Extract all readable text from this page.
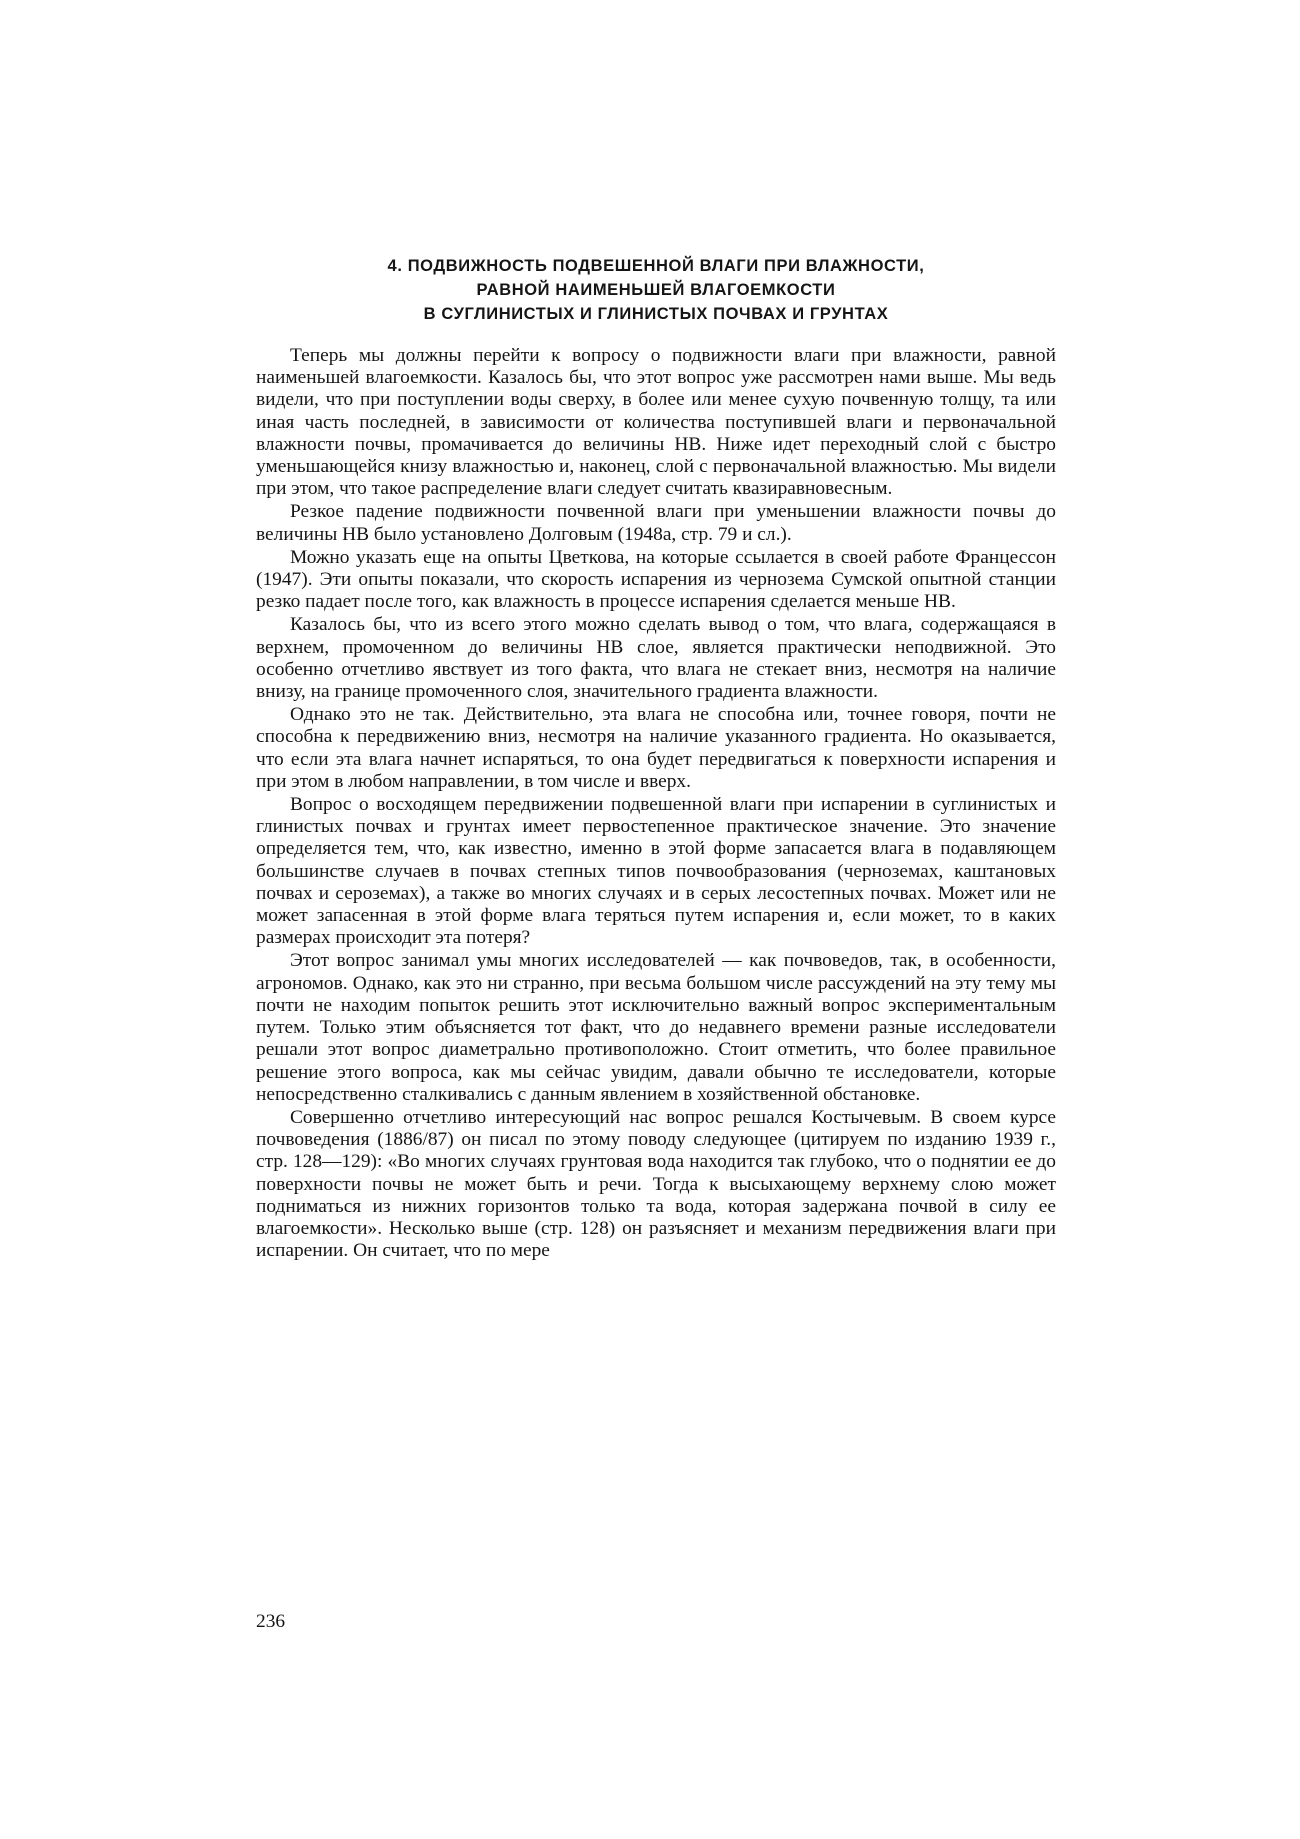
4. ПОДВИЖНОСТЬ ПОДВЕШЕННОЙ ВЛАГИ ПРИ ВЛАЖНОСТИ,
РАВНОЙ НАИМЕНЬШЕЙ ВЛАГОЕМКОСТИ
В СУГЛИНИСТЫХ И ГЛИНИСТЫХ ПОЧВАХ И ГРУНТАХ

Теперь мы должны перейти к вопросу о подвижности влаги при влажности, равной наименьшей влагоемкости. Казалось бы, что этот вопрос уже рассмотрен нами выше. Мы ведь видели, что при поступлении воды сверху, в более или менее сухую почвенную толщу, та или иная часть последней, в зависимости от количества поступившей влаги и первоначальной влажности почвы, промачивается до величины НВ. Ниже идет переходный слой с быстро уменьшающейся книзу влажностью и, наконец, слой с первоначальной влажностью. Мы видели при этом, что такое распределение влаги следует считать квазиравновесным.

Резкое падение подвижности почвенной влаги при уменьшении влажности почвы до величины НВ было установлено Долговым (1948а, стр. 79 и сл.).

Можно указать еще на опыты Цветкова, на которые ссылается в своей работе Францессон (1947). Эти опыты показали, что скорость испарения из чернозема Сумской опытной станции резко падает после того, как влажность в процессе испарения сделается меньше НВ.

Казалось бы, что из всего этого можно сделать вывод о том, что влага, содержащаяся в верхнем, промоченном до величины НВ слое, является практически неподвижной. Это особенно отчетливо явствует из того факта, что влага не стекает вниз, несмотря на наличие внизу, на границе промоченного слоя, значительного градиента влажности.

Однако это не так. Действительно, эта влага не способна или, точнее говоря, почти не способна к передвижению вниз, несмотря на наличие указанного градиента. Но оказывается, что если эта влага начнет испаряться, то она будет передвигаться к поверхности испарения и при этом в любом направлении, в том числе и вверх.

Вопрос о восходящем передвижении подвешенной влаги при испарении в суглинистых и глинистых почвах и грунтах имеет первостепенное практическое значение. Это значение определяется тем, что, как известно, именно в этой форме запасается влага в подавляющем большинстве случаев в почвах степных типов почвообразования (черноземах, каштановых почвах и сероземах), а также во многих случаях и в серых лесостепных почвах. Может или не может запасенная в этой форме влага теряться путем испарения и, если может, то в каких размерах происходит эта потеря?

Этот вопрос занимал умы многих исследователей — как почвоведов, так, в особенности, агрономов. Однако, как это ни странно, при весьма большом числе рассуждений на эту тему мы почти не находим попыток решить этот исключительно важный вопрос экспериментальным путем. Только этим объясняется тот факт, что до недавнего времени разные исследователи решали этот вопрос диаметрально противоположно. Стоит отметить, что более правильное решение этого вопроса, как мы сейчас увидим, давали обычно те исследователи, которые непосредственно сталкивались с данным явлением в хозяйственной обстановке.

Совершенно отчетливо интересующий нас вопрос решался Костычевым. В своем курсе почвоведения (1886/87) он писал по этому поводу следующее (цитируем по изданию 1939 г., стр. 128—129): «Во многих случаях грунтовая вода находится так глубоко, что о поднятии ее до поверхности почвы не может быть и речи. Тогда к высыхающему верхнему слою может подниматься из нижних горизонтов только та вода, которая задержана почвой в силу ее влагоемкости». Несколько выше (стр. 128) он разъясняет и механизм передвижения влаги при испарении. Он считает, что по мере

236
